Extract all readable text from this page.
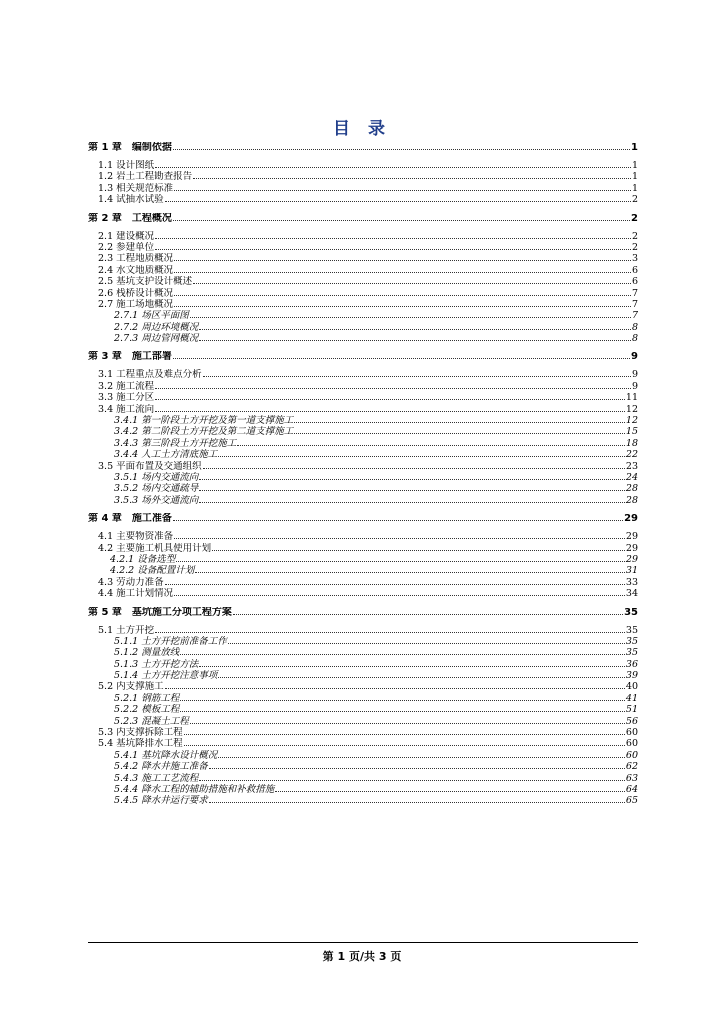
目 录
第 1 章 编制依据	1
1.1 设计图纸	1
1.2 岩土工程勘查报告	1
1.3 相关规范标准	1
1.4 试抽水试验	2
第 2 章 工程概况	2
2.1 建设概况	2
2.2 参建单位	2
2.3 工程地质概况	3
2.4 水文地质概况	6
2.5 基坑支护设计概述	6
2.6 栈桥设计概况	7
2.7 施工场地概况	7
2.7.1 场区平面图	7
2.7.2 周边环境概况	8
2.7.3 周边管网概况	8
第 3 章 施工部署	9
3.1 工程重点及难点分析	9
3.2 施工流程	9
3.3 施工分区	11
3.4 施工流向	12
3.4.1 第一阶段土方开挖及第一道支撑施工	12
3.4.2 第二阶段土方开挖及第二道支撑施工	15
3.4.3 第三阶段土方开挖施工	18
3.4.4 人工土方清底施工	22
3.5 平面布置及交通组织	23
3.5.1 场内交通流向	24
3.5.2 场内交通疏导	28
3.5.3 场外交通流向	28
第 4 章 施工准备	29
4.1 主要物资准备	29
4.2 主要施工机具使用计划	29
4.2.1 设备选型	29
4.2.2 设备配置计划	31
4.3 劳动力准备	33
4.4 施工计划情况	34
第 5 章 基坑施工分项工程方案	35
5.1 土方开挖	35
5.1.1 土方开挖前准备工作	35
5.1.2 测量放线	35
5.1.3 土方开挖方法	36
5.1.4 土方开挖注意事项	39
5.2 内支撑施工	40
5.2.1 钢筋工程	41
5.2.2 模板工程	51
5.2.3 混凝土工程	56
5.3 内支撑拆除工程	60
5.4 基坑降排水工程	60
5.4.1 基坑降水设计概况	60
5.4.2 降水井施工准备	62
5.4.3 施工工艺流程	63
5.4.4 降水工程的辅助措施和补救措施	64
5.4.5 降水井运行要求	65
第 1 页/共 3 页
